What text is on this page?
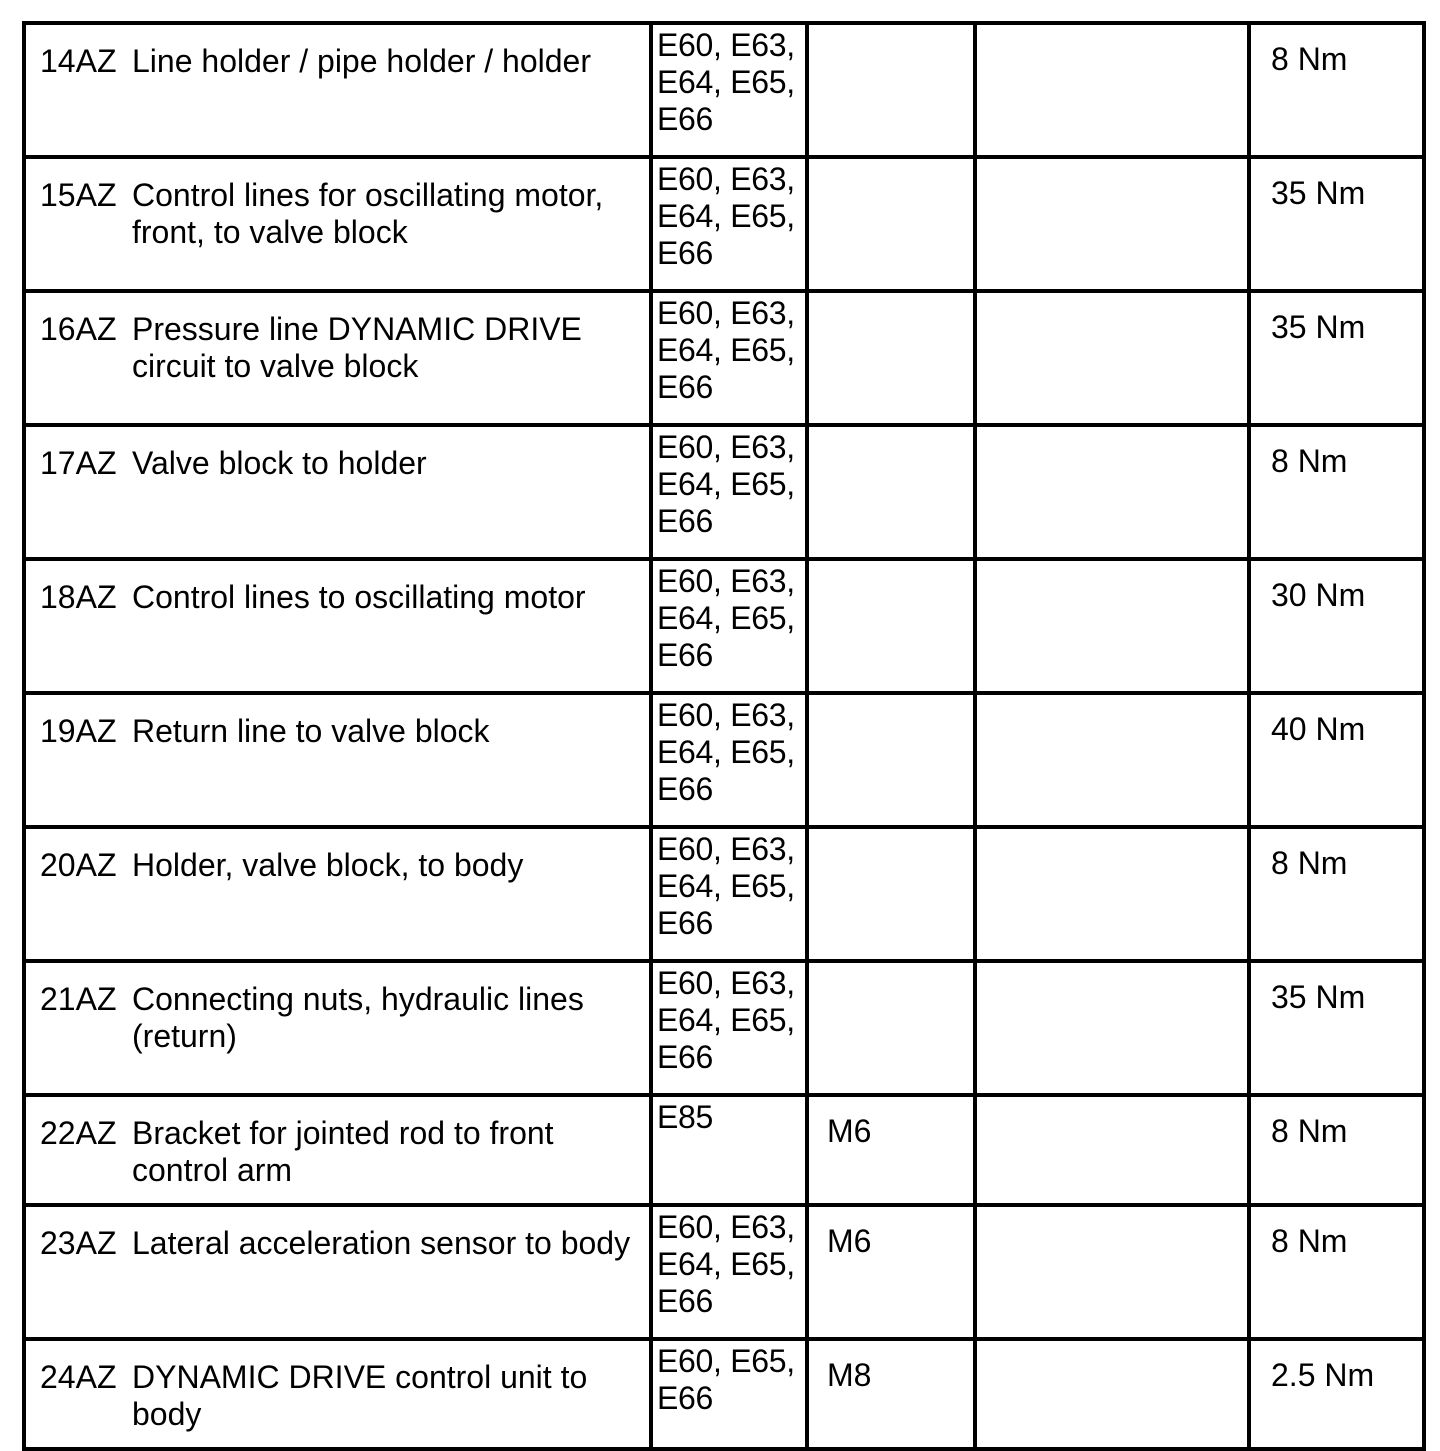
14AZ	Line holder / pipe holder / holder	E60, E63, E64, E65, E66			8 Nm
15AZ	Control lines for oscillating motor, front, to valve block	E60, E63, E64, E65, E66			35 Nm
16AZ	Pressure line DYNAMIC DRIVE circuit to valve block	E60, E63, E64, E65, E66			35 Nm
17AZ	Valve block to holder	E60, E63, E64, E65, E66			8 Nm
18AZ	Control lines to oscillating motor	E60, E63, E64, E65, E66			30 Nm
19AZ	Return line to valve block	E60, E63, E64, E65, E66			40 Nm
20AZ	Holder, valve block, to body	E60, E63, E64, E65, E66			8 Nm
21AZ	Connecting nuts, hydraulic lines (return)	E60, E63, E64, E65, E66			35 Nm
22AZ	Bracket for jointed rod to front control arm	E85	M6		8 Nm
23AZ	Lateral acceleration sensor to body	E60, E63, E64, E65, E66	M6		8 Nm
24AZ	DYNAMIC DRIVE control unit to body	E60, E65, E66	M8		2.5 Nm
